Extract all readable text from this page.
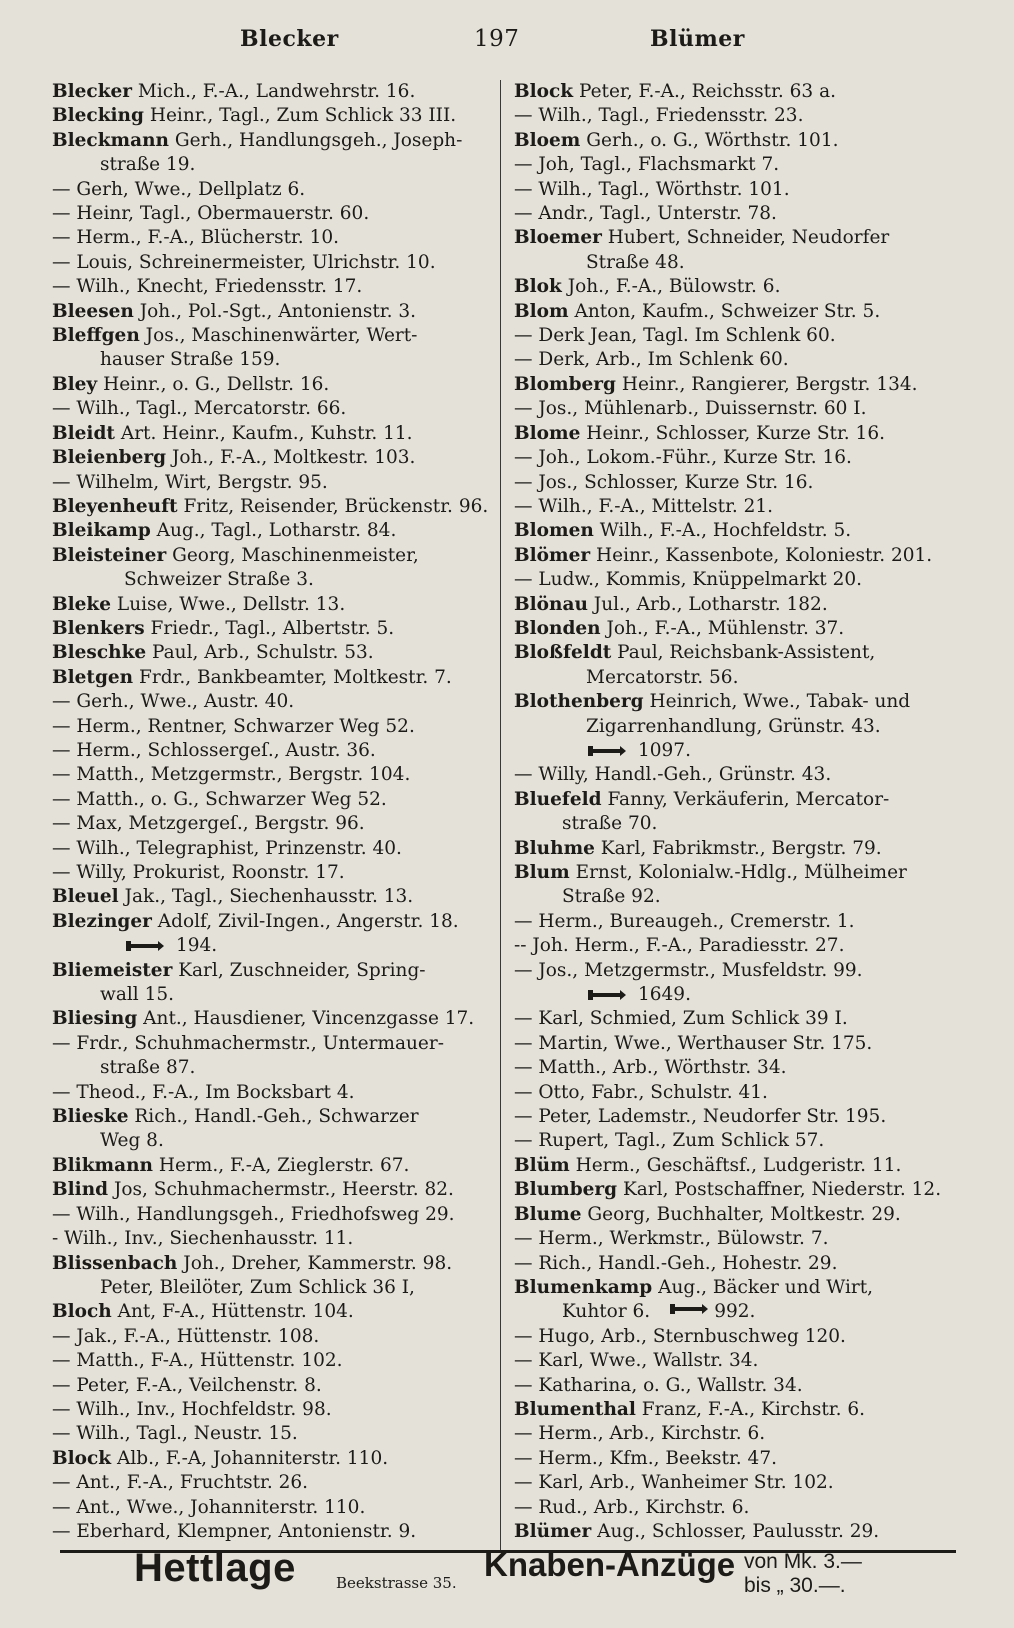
Blecker	197	Blümer
Blecker Mich., F.-A., Landwehrstr. 16.
Blecking Heinr., Tagl., Zum Schlick 33 III.
Bleckmann Gerh., Handlungsgeh., Joseph-
straße 19.
— Gerh, Wwe., Dellplatz 6.
— Heinr, Tagl., Obermauerstr. 60.
— Herm., F.-A., Blücherstr. 10.
— Louis, Schreinermeister, Ulrichstr. 10.
— Wilh., Knecht, Friedensstr. 17.
Bleesen Joh., Pol.-Sgt., Antonienstr. 3.
Bleffgen Jos., Maschinenwärter, Wert-
hauser Straße 159.
Bley Heinr., o. G., Dellstr. 16.
— Wilh., Tagl., Mercatorstr. 66.
Bleidt Art. Heinr., Kaufm., Kuhstr. 11.
Bleienberg Joh., F.-A., Moltkestr. 103.
— Wilhelm, Wirt, Bergstr. 95.
Bleyenheuft Fritz, Reisender, Brückenstr. 96.
Bleikamp Aug., Tagl., Lotharstr. 84.
Bleisteiner Georg, Maschinenmeister,
Schweizer Straße 3.
Bleke Luise, Wwe., Dellstr. 13.
Blenkers Friedr., Tagl., Albertstr. 5.
Bleschke Paul, Arb., Schulstr. 53.
Bletgen Frdr., Bankbeamter, Moltkestr. 7.
— Gerh., Wwe., Austr. 40.
— Herm., Rentner, Schwarzer Weg 52.
— Herm., Schlossergeſ., Austr. 36.
— Matth., Metzgermstr., Bergstr. 104.
— Matth., o. G., Schwarzer Weg 52.
— Max, Metzgergeſ., Bergstr. 96.
— Wilh., Telegraphist, Prinzenstr. 40.
— Willy, Prokurist, Roonstr. 17.
Bleuel Jak., Tagl., Siechenhausstr. 13.
Blezinger Adolf, Zivil-Ingen., Angerstr. 18.
194.
Bliemeister Karl, Zuschneider, Spring-
wall 15.
Bliesing Ant., Hausdiener, Vincenzgasse 17.
— Frdr., Schuhmachermstr., Untermauer-
straße 87.
— Theod., F.-A., Im Bocksbart 4.
Blieske Rich., Handl.-Geh., Schwarzer
Weg 8.
Blikmann Herm., F.-A, Zieglerstr. 67.
Blind Jos, Schuhmachermstr., Heerstr. 82.
— Wilh., Handlungsgeh., Friedhofsweg 29.
- Wilh., Inv., Siechenhausstr. 11.
Blissenbach Joh., Dreher, Kammerstr. 98.
Peter, Bleilöter, Zum Schlick 36 I,
Bloch Ant, F-A., Hüttenstr. 104.
— Jak., F.-A., Hüttenstr. 108.
— Matth., F-A., Hüttenstr. 102.
— Peter, F.-A., Veilchenstr. 8.
— Wilh., Inv., Hochfeldstr. 98.
— Wilh., Tagl., Neustr. 15.
Block Alb., F.-A, Johanniterstr. 110.
— Ant., F.-A., Fruchtstr. 26.
— Ant., Wwe., Johanniterstr. 110.
— Eberhard, Klempner, Antonienstr. 9.
Block Peter, F.-A., Reichsstr. 63 a.
— Wilh., Tagl., Friedensstr. 23.
Bloem Gerh., o. G., Wörthstr. 101.
— Joh, Tagl., Flachsmarkt 7.
— Wilh., Tagl., Wörthstr. 101.
— Andr., Tagl., Unterstr. 78.
Bloemer Hubert, Schneider, Neudorfer
Straße 48.
Blok Joh., F.-A., Bülowstr. 6.
Blom Anton, Kaufm., Schweizer Str. 5.
— Derk Jean, Tagl. Im Schlenk 60.
— Derk, Arb., Im Schlenk 60.
Blomberg Heinr., Rangierer, Bergstr. 134.
— Jos., Mühlenarb., Duissernstr. 60 I.
Blome Heinr., Schlosser, Kurze Str. 16.
— Joh., Lokom.-Führ., Kurze Str. 16.
— Jos., Schlosser, Kurze Str. 16.
— Wilh., F.-A., Mittelstr. 21.
Blomen Wilh., F.-A., Hochfeldstr. 5.
Blömer Heinr., Kassenbote, Koloniestr. 201.
— Ludw., Kommis, Knüppelmarkt 20.
Blönau Jul., Arb., Lotharstr. 182.
Blonden Joh., F.-A., Mühlenstr. 37.
Bloßfeldt Paul, Reichsbank-Assistent,
Mercatorstr. 56.
Blothenberg Heinrich, Wwe., Tabak- und
Zigarrenhandlung, Grünstr. 43.
1097.
— Willy, Handl.-Geh., Grünstr. 43.
Bluefeld Fanny, Verkäuferin, Mercator-
straße 70.
Bluhme Karl, Fabrikmstr., Bergstr. 79.
Blum Ernst, Kolonialw.-Hdlg., Mülheimer
Straße 92.
— Herm., Bureaugeh., Cremerstr. 1.
-- Joh. Herm., F.-A., Paradiesstr. 27.
— Jos., Metzgermstr., Musfeldstr. 99.
1649.
— Karl, Schmied, Zum Schlick 39 I.
— Martin, Wwe., Werthauser Str. 175.
— Matth., Arb., Wörthstr. 34.
— Otto, Fabr., Schulstr. 41.
— Peter, Lademstr., Neudorfer Str. 195.
— Rupert, Tagl., Zum Schlick 57.
Blüm Herm., Geschäftsf., Ludgeristr. 11.
Blumberg Karl, Postschaffner, Niederstr. 12.
Blume Georg, Buchhalter, Moltkestr. 29.
— Herm., Werkmstr., Bülowstr. 7.
— Rich., Handl.-Geh., Hohestr. 29.
Blumenkamp Aug., Bäcker und Wirt,
Kuhtor 6.	992.
— Hugo, Arb., Sternbuschweg 120.
— Karl, Wwe., Wallstr. 34.
— Katharina, o. G., Wallstr. 34.
Blumenthal Franz, F.-A., Kirchstr. 6.
— Herm., Arb., Kirchstr. 6.
— Herm., Kfm., Beekstr. 47.
— Karl, Arb., Wanheimer Str. 102.
— Rud., Arb., Kirchstr. 6.
Blümer Aug., Schlosser, Paulusstr. 29.
Hettlage	Beekstrasse 35. Knaben-Anzüge von Mk. 3.—
bis „ 30.—.
